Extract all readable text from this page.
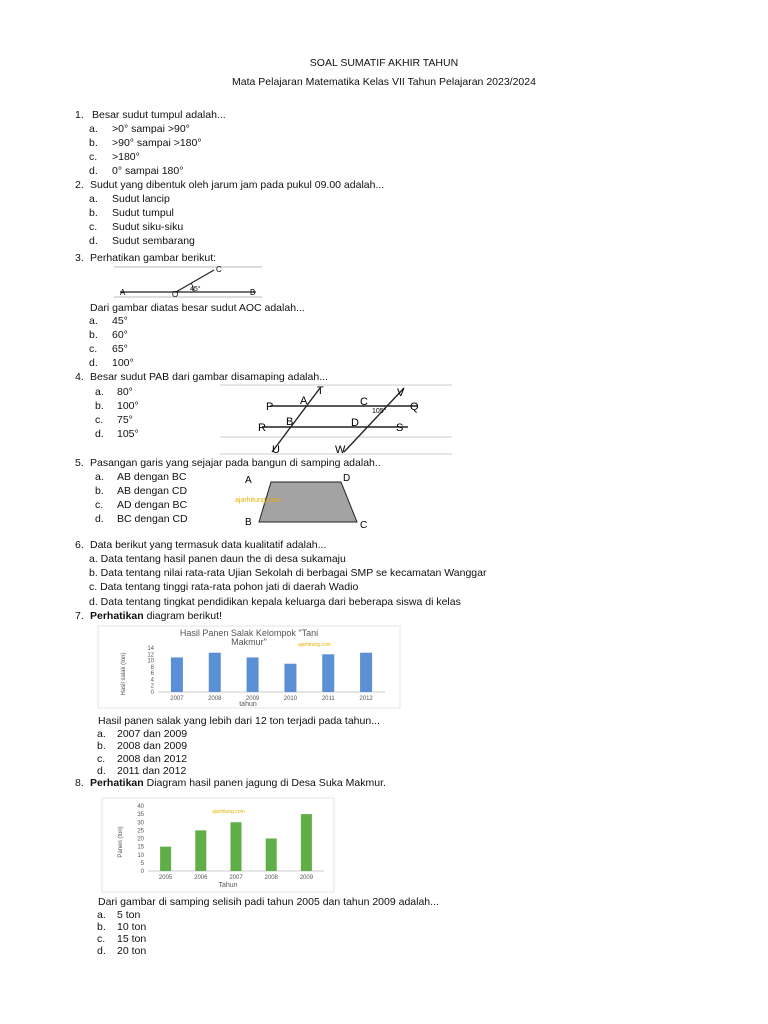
SOAL SUMATIF AKHIR TAHUN
Mata Pelajaran Matematika Kelas VII Tahun Pelajaran 2023/2024
1. Besar sudut tumpul adalah...
a. >0° sampai >90°
b. >90° sampai >180°
c. >180°
d. 0° sampai 180°
2. Sudut yang dibentuk oleh jarum jam pada pukul 09.00 adalah...
a. Sudut lancip
b. Sudut tumpul
c. Sudut siku-siku
d. Sudut sembarang
3. Perhatikan gambar berikut:
A	O	B
C
45°
Dari gambar diatas besar sudut AOC adalah...
a. 45°
b. 60°
c. 65°
d. 100°
4. Besar sudut PAB dari gambar disamaping adalah...
a. 80°
b. 100°
c. 75°
d. 105°
T	V
P A	C	Q
105°
R B	D	S
U	W
5. Pasangan garis yang sejajar pada bangun di samping adalah..
a. AB dengan BC
b. AB dengan CD
c. AD dengan BC
d. BC dengan CD
A	D
B	C
ajarhitung.com
6. Data berikut yang termasuk data kualitatif adalah...
a. Data tentang hasil panen daun the di desa sukamaju
b. Data tentang nilai rata-rata Ujian Sekolah di berbagai SMP se kecamatan Wanggar
c. Data tentang tinggi rata-rata pohon jati di daerah Wadio
d. Data tentang tingkat pendidikan kepala keluarga dari beberapa siswa di kelas
7. Perhatikan diagram berikut!
Hasil Panen Salak Kelompok "Tani
Makmur"	ajarhitung.com
tahun
Hasil salak (ton)
14
12
10
8
6
4
2
0
2007	2008	2009	2010	2011	2012
Hasil panen salak yang lebih dari 12 ton terjadi pada tahun...
a. 2007 dan 2009
b. 2008 dan 2009
c. 2008 dan 2012
d. 2011 dan 2012
8. Perhatikan Diagram hasil panen jagung di Desa Suka Makmur.
ajarhitung.com
Tahun
Panen (ton)
40
35
30
25
20
15
10
5
0
2005	2006	2007	2008	2009
Dari gambar di samping selisih padi tahun 2005 dan tahun 2009 adalah...
a. 5 ton
b. 10 ton
c. 15 ton
d. 20 ton
